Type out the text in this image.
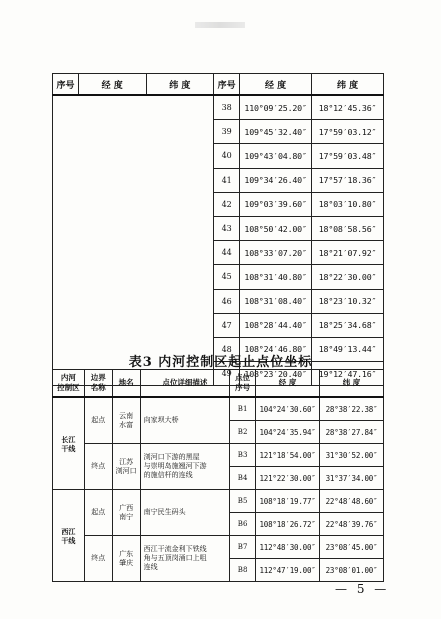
序号	经 度	纬 度	序号	经 度	纬 度
			38	110°09′25.20″	18°12′45.36″
			39	109°45′32.40″	17°59′03.12″
			40	109°43′04.80″	17°59′03.48″
			41	109°34′26.40″	17°57′18.36″
			42	109°03′39.60″	18°03′10.80″
			43	108°50′42.00″	18°08′58.56″
			44	108°33′07.20″	18°21′07.92″
			45	108°31′40.80″	18°22′30.00″
			46	108°31′08.40″	18°23′10.32″
			47	108°28′44.40″	18°25′34.68″
			48	108°24′46.80″	18°49′13.44″
			49	108°23′20.40″	19°12′47.16″
表3 内河控制区起止点位坐标
内河
控制区	边界
名称	地名	点位详细描述	点位
序号	经 度	纬 度
长江
干线	起点	云南
水富	向家坝大桥	B1	104°24′30.60″	28°38′22.38″
				B2	104°24′35.94″	28°38′27.84″
	终点	江苏
浏河口	浏河口下游的黑屋
与崇明岛施翘河下游
的施信杆的连线	B3	121°18′54.00″	31°30′52.00″
				B4	121°22′30.00″	31°37′34.00″
西江
干线	起点	广西
南宁	南宁民生码头	B5	108°18′19.77″	22°48′48.60″
				B6	108°18′26.72″	22°48′39.76″
	终点	广东
肇庆	西江干流金利下铁线
角与五顶岗涌口上咀
连线	B7	112°48′30.00″	23°08′45.00″
				B8	112°47′19.00″	23°08′01.00″
— 5 —
